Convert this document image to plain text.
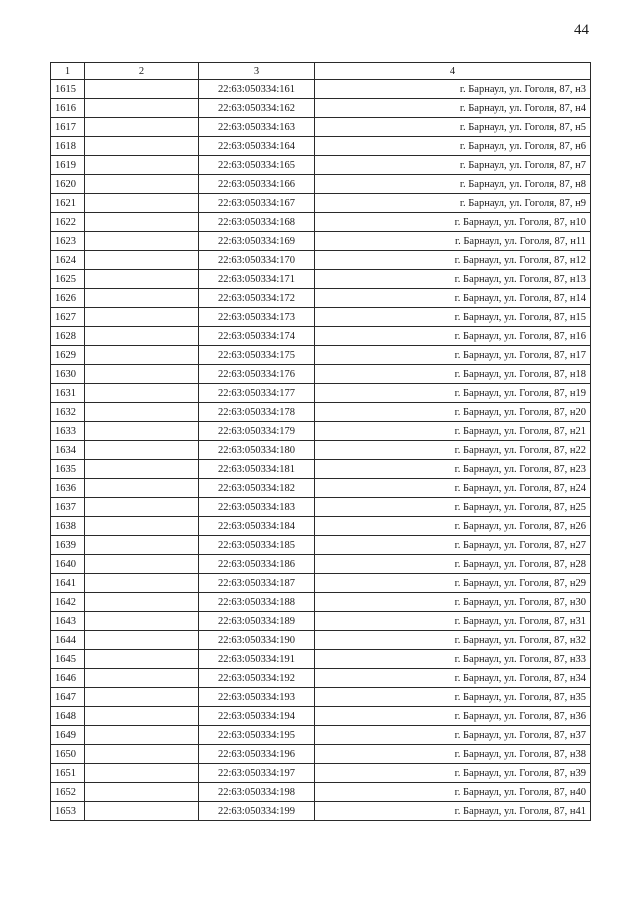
44
1	2	3	4
1615		22:63:050334:161	г. Барнаул, ул. Гоголя, 87, н3
1616		22:63:050334:162	г. Барнаул, ул. Гоголя, 87, н4
1617		22:63:050334:163	г. Барнаул, ул. Гоголя, 87, н5
1618		22:63:050334:164	г. Барнаул, ул. Гоголя, 87, н6
1619		22:63:050334:165	г. Барнаул, ул. Гоголя, 87, н7
1620		22:63:050334:166	г. Барнаул, ул. Гоголя, 87, н8
1621		22:63:050334:167	г. Барнаул, ул. Гоголя, 87, н9
1622		22:63:050334:168	г. Барнаул, ул. Гоголя, 87, н10
1623		22:63:050334:169	г. Барнаул, ул. Гоголя, 87, н11
1624		22:63:050334:170	г. Барнаул, ул. Гоголя, 87, н12
1625		22:63:050334:171	г. Барнаул, ул. Гоголя, 87, н13
1626		22:63:050334:172	г. Барнаул, ул. Гоголя, 87, н14
1627		22:63:050334:173	г. Барнаул, ул. Гоголя, 87, н15
1628		22:63:050334:174	г. Барнаул, ул. Гоголя, 87, н16
1629		22:63:050334:175	г. Барнаул, ул. Гоголя, 87, н17
1630		22:63:050334:176	г. Барнаул, ул. Гоголя, 87, н18
1631		22:63:050334:177	г. Барнаул, ул. Гоголя, 87, н19
1632		22:63:050334:178	г. Барнаул, ул. Гоголя, 87, н20
1633		22:63:050334:179	г. Барнаул, ул. Гоголя, 87, н21
1634		22:63:050334:180	г. Барнаул, ул. Гоголя, 87, н22
1635		22:63:050334:181	г. Барнаул, ул. Гоголя, 87, н23
1636		22:63:050334:182	г. Барнаул, ул. Гоголя, 87, н24
1637		22:63:050334:183	г. Барнаул, ул. Гоголя, 87, н25
1638		22:63:050334:184	г. Барнаул, ул. Гоголя, 87, н26
1639		22:63:050334:185	г. Барнаул, ул. Гоголя, 87, н27
1640		22:63:050334:186	г. Барнаул, ул. Гоголя, 87, н28
1641		22:63:050334:187	г. Барнаул, ул. Гоголя, 87, н29
1642		22:63:050334:188	г. Барнаул, ул. Гоголя, 87, н30
1643		22:63:050334:189	г. Барнаул, ул. Гоголя, 87, н31
1644		22:63:050334:190	г. Барнаул, ул. Гоголя, 87, н32
1645		22:63:050334:191	г. Барнаул, ул. Гоголя, 87, н33
1646		22:63:050334:192	г. Барнаул, ул. Гоголя, 87, н34
1647		22:63:050334:193	г. Барнаул, ул. Гоголя, 87, н35
1648		22:63:050334:194	г. Барнаул, ул. Гоголя, 87, н36
1649		22:63:050334:195	г. Барнаул, ул. Гоголя, 87, н37
1650		22:63:050334:196	г. Барнаул, ул. Гоголя, 87, н38
1651		22:63:050334:197	г. Барнаул, ул. Гоголя, 87, н39
1652		22:63:050334:198	г. Барнаул, ул. Гоголя, 87, н40
1653		22:63:050334:199	г. Барнаул, ул. Гоголя, 87, н41
